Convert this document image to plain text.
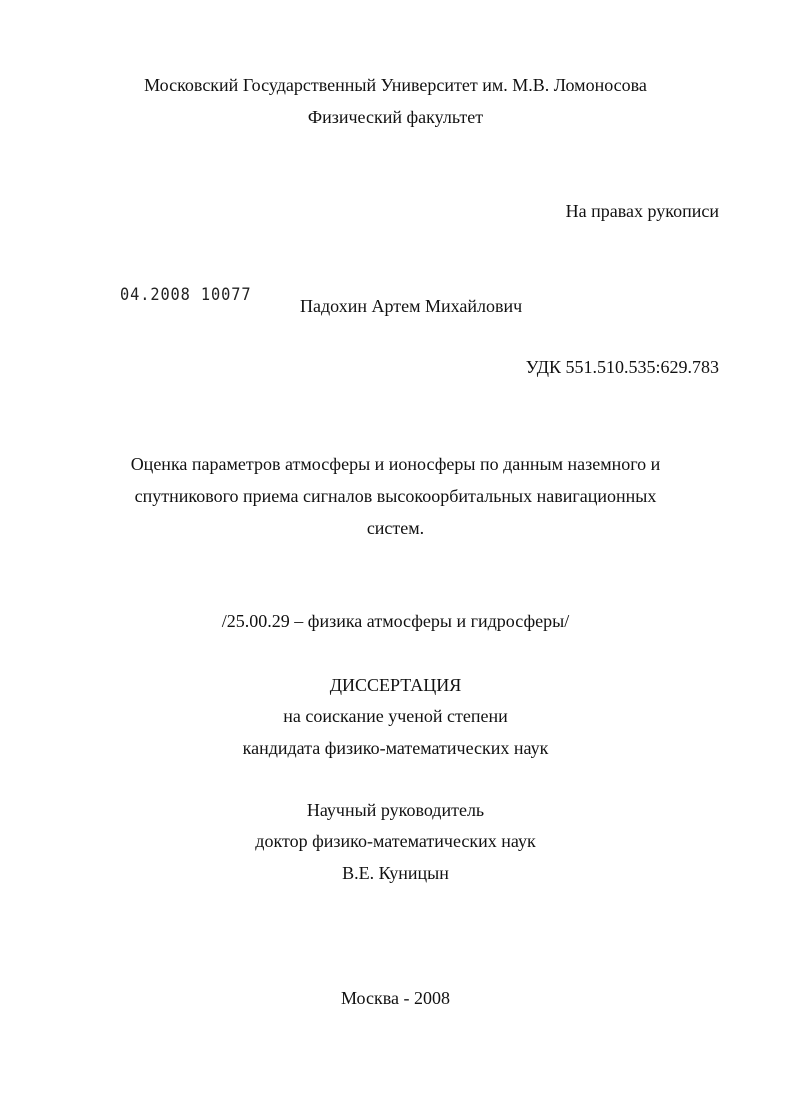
Московский Государственный Университет им. М.В. Ломоносова
Физический факультет
На правах рукописи
04.2008 10077
Падохин Артем Михайлович
УДК 551.510.535:629.783
Оценка параметров атмосферы и ионосферы по данным наземного и
спутникового приема сигналов высокоорбитальных навигационных
систем.
/25.00.29 – физика атмосферы и гидросферы/
ДИССЕРТАЦИЯ
на соискание ученой степени
кандидата физико-математических наук
Научный руководитель
доктор физико-математических наук
В.Е. Куницын
Москва - 2008
